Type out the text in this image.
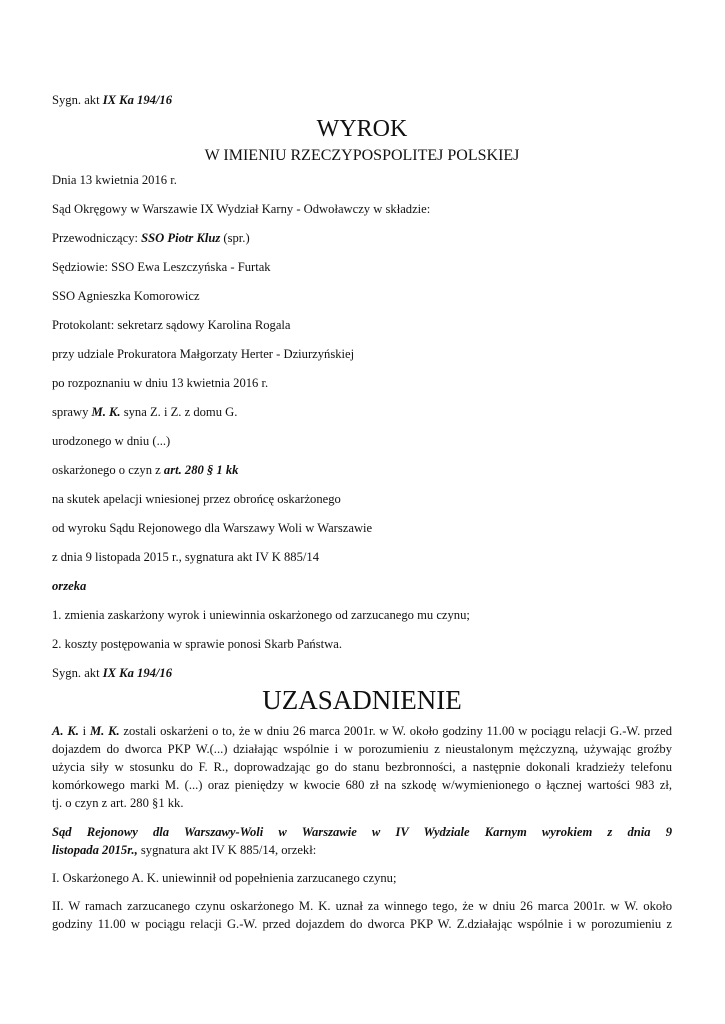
Sygn. akt IX Ka 194/16
WYROK
W IMIENIU RZECZYPOSPOLITEJ POLSKIEJ
Dnia 13 kwietnia 2016 r.
Sąd Okręgowy w Warszawie IX Wydział Karny - Odwoławczy w składzie:
Przewodniczący: SSO Piotr Kluz (spr.)
Sędziowie: SSO Ewa Leszczyńska - Furtak
SSO Agnieszka Komorowicz
Protokolant: sekretarz sądowy Karolina Rogala
przy udziale Prokuratora Małgorzaty Herter - Dziurzyńskiej
po rozpoznaniu w dniu 13 kwietnia 2016 r.
sprawy M. K. syna Z. i Z. z domu G.
urodzonego w dniu (...)
oskarżonego o czyn z art. 280 § 1 kk
na skutek apelacji wniesionej przez obrońcę oskarżonego
od wyroku Sądu Rejonowego dla Warszawy Woli w Warszawie
z dnia 9 listopada 2015 r., sygnatura akt IV K 885/14
orzeka
1. zmienia zaskarżony wyrok i uniewinnia oskarżonego od zarzucanego mu czynu;
2. koszty postępowania w sprawie ponosi Skarb Państwa.
Sygn. akt IX Ka 194/16
UZASADNIENIE
A. K. i M. K. zostali oskarżeni o to, że w dniu 26 marca 2001r. w W. około godziny 11.00 w pociągu relacji G.-W. przed
dojazdem do dworca PKP W.(...) działając wspólnie i w porozumieniu z nieustalonym mężczyzną, używając groźby
użycia siły w stosunku do F. R., doprowadzając go do stanu bezbronności, a następnie dokonali kradzieży telefonu
komórkowego marki M. (...) oraz pieniędzy w kwocie 680 zł na szkodę w/wymienionego o łącznej wartości 983 zł,
tj. o czyn z art. 280 §1 kk.
Sąd Rejonowy dla Warszawy-Woli w Warszawie w IV Wydziale Karnym wyrokiem z dnia 9
listopada 2015r., sygnatura akt IV K 885/14, orzekł:
I. Oskarżonego A. K. uniewinnił od popełnienia zarzucanego czynu;
II. W ramach zarzucanego czynu oskarżonego M. K. uznał za winnego tego, że w dniu 26 marca 2001r. w W. około
godziny 11.00 w pociągu relacji G.-W. przed dojazdem do dworca PKP W. Z.działając wspólnie i w porozumieniu z
